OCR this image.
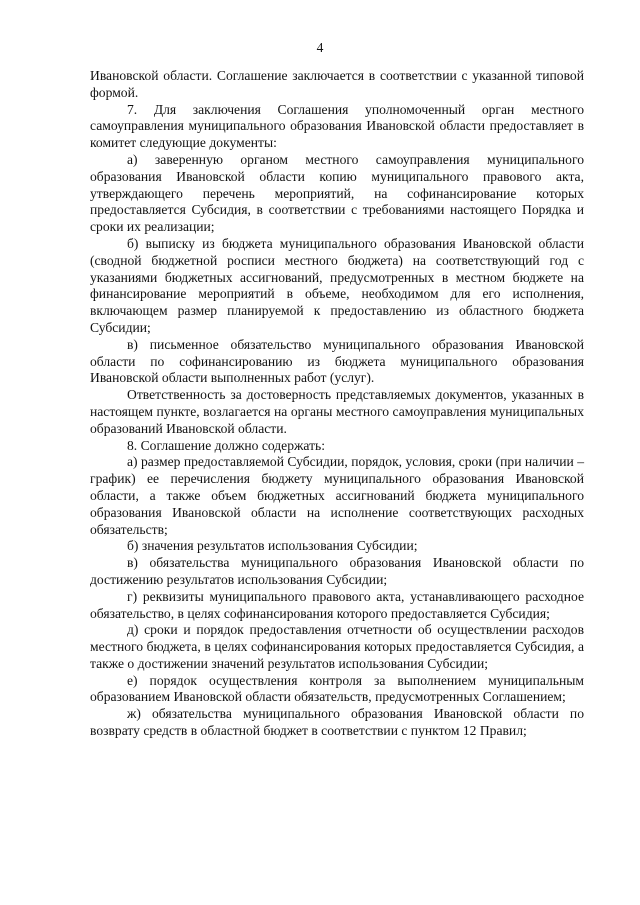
4

Ивановской области. Соглашение заключается в соответствии с указанной типовой формой.

7. Для заключения Соглашения уполномоченный орган местного самоуправления муниципального образования Ивановской области предоставляет в комитет следующие документы:

а) заверенную органом местного самоуправления муниципального образования Ивановской области копию муниципального правового акта, утверждающего перечень мероприятий, на софинансирование которых предоставляется Субсидия, в соответствии с требованиями настоящего Порядка и сроки их реализации;

б) выписку из бюджета муниципального образования Ивановской области (сводной бюджетной росписи местного бюджета) на соответствующий год с указаниями бюджетных ассигнований, предусмотренных в местном бюджете на финансирование мероприятий в объеме, необходимом для его исполнения, включающем размер планируемой к предоставлению из областного бюджета Субсидии;

в) письменное обязательство муниципального образования Ивановской области по софинансированию из бюджета муниципального образования Ивановской области выполненных работ (услуг).

Ответственность за достоверность представляемых документов, указанных в настоящем пункте, возлагается на органы местного самоуправления муниципальных образований Ивановской области.

8. Соглашение должно содержать:

а) размер предоставляемой Субсидии, порядок, условия, сроки (при наличии – график) ее перечисления бюджету муниципального образования Ивановской области, а также объем бюджетных ассигнований бюджета муниципального образования Ивановской области на исполнение соответствующих расходных обязательств;

б) значения результатов использования Субсидии;

в) обязательства муниципального образования Ивановской области по достижению результатов использования Субсидии;

г) реквизиты муниципального правового акта, устанавливающего расходное обязательство, в целях софинансирования которого предоставляется Субсидия;

д) сроки и порядок предоставления отчетности об осуществлении расходов местного бюджета, в целях софинансирования которых предоставляется Субсидия, а также о достижении значений результатов использования Субсидии;

е) порядок осуществления контроля за выполнением муниципальным образованием Ивановской области обязательств, предусмотренных Соглашением;

ж) обязательства муниципального образования Ивановской области по возврату средств в областной бюджет в соответствии с пунктом 12 Правил;
